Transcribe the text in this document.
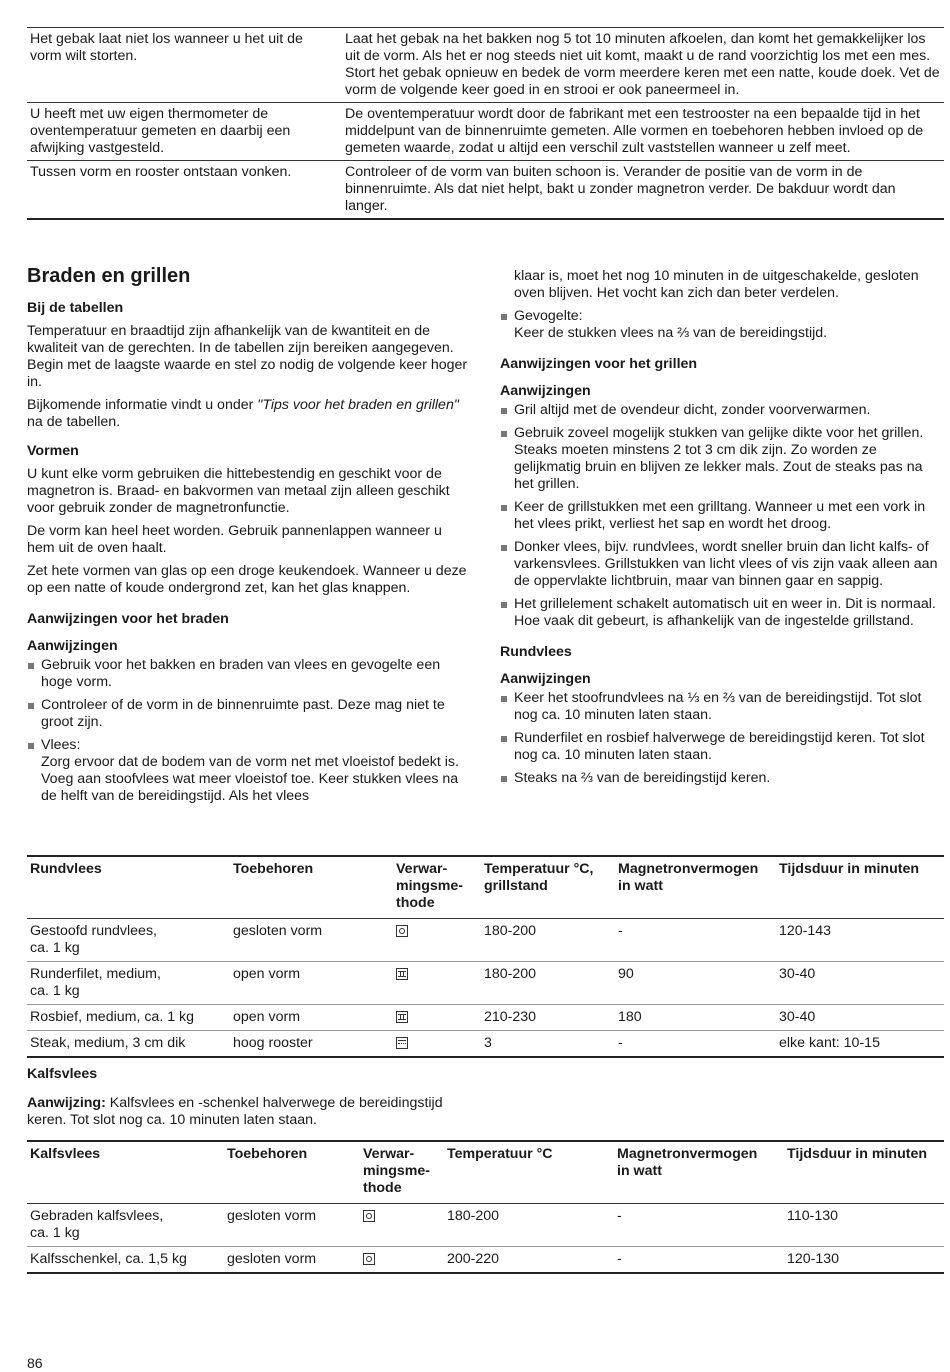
Het gebak laat niet los wanneer u het uit de vorm wilt storten.	Laat het gebak na het bakken nog 5 tot 10 minuten afkoelen, dan komt het gemakkelijker los uit de vorm. Als het er nog steeds niet uit komt, maakt u de rand voorzichtig los met een mes. Stort het gebak opnieuw en bedek de vorm meerdere keren met een natte, koude doek. Vet de vorm de volgende keer goed in en strooi er ook paneermeel in.
U heeft met uw eigen thermometer de oventemperatuur gemeten en daarbij een afwijking vastgesteld.	De oventemperatuur wordt door de fabrikant met een testrooster na een bepaalde tijd in het middelpunt van de binnenruimte gemeten. Alle vormen en toebehoren hebben invloed op de gemeten waarde, zodat u altijd een verschil zult vaststellen wanneer u zelf meet.
Tussen vorm en rooster ontstaan vonken.	Controleer of de vorm van buiten schoon is. Verander de positie van de vorm in de binnenruimte. Als dat niet helpt, bakt u zonder magnetron verder. De bakduur wordt dan langer.
Braden en grillen
Bij de tabellen

Temperatuur en braadtijd zijn afhankelijk van de kwantiteit en de kwaliteit van de gerechten. In de tabellen zijn bereiken aangegeven. Begin met de laagste waarde en stel zo nodig de volgende keer hoger in.

Bijkomende informatie vindt u onder "Tips voor het braden en grillen" na de tabellen.

Vormen

U kunt elke vorm gebruiken die hittebestendig en geschikt voor de magnetron is. Braad- en bakvormen van metaal zijn alleen geschikt voor gebruik zonder de magnetronfunctie.

De vorm kan heel heet worden. Gebruik pannenlappen wanneer u hem uit de oven haalt.

Zet hete vormen van glas op een droge keukendoek. Wanneer u deze op een natte of koude ondergrond zet, kan het glas knappen.

Aanwijzingen voor het braden
Aanwijzingen
Gebruik voor het bakken en braden van vlees en gevogelte een hoge vorm.
Controleer of de vorm in de binnenruimte past. Deze mag niet te groot zijn.
Vlees:
Zorg ervoor dat de bodem van de vorm net met vloeistof bedekt is. Voeg aan stoofvlees wat meer vloeistof toe. Keer stukken vlees na de helft van de bereidingstijd. Als het vlees

klaar is, moet het nog 10 minuten in de uitgeschakelde, gesloten oven blijven. Het vocht kan zich dan beter verdelen.

Gevogelte:
Keer de stukken vlees na ⅔ van de bereidingstijd.
Aanwijzingen voor het grillen
Aanwijzingen
Gril altijd met de ovendeur dicht, zonder voorverwarmen.
Gebruik zoveel mogelijk stukken van gelijke dikte voor het grillen. Steaks moeten minstens 2 tot 3 cm dik zijn. Zo worden ze gelijkmatig bruin en blijven ze lekker mals. Zout de steaks pas na het grillen.
Keer de grillstukken met een grilltang. Wanneer u met een vork in het vlees prikt, verliest het sap en wordt het droog.
Donker vlees, bijv. rundvlees, wordt sneller bruin dan licht kalfs- of varkensvlees. Grillstukken van licht vlees of vis zijn vaak alleen aan de oppervlakte lichtbruin, maar van binnen gaar en sappig.
Het grillelement schakelt automatisch uit en weer in. Dit is normaal. Hoe vaak dit gebeurt, is afhankelijk van de ingestelde grillstand.
Rundvlees
Aanwijzingen
Keer het stoofrundvlees na ⅓ en ⅔ van de bereidingstijd. Tot slot nog ca. 10 minuten laten staan.
Runderfilet en rosbief halverwege de bereidingstijd keren. Tot slot nog ca. 10 minuten laten staan.
Steaks na ⅔ van de bereidingstijd keren.
Rundvlees	Toebehoren	Verwar-
mingsme-
thode	Temperatuur °C,
grillstand	Magnetronvermogen
in watt	Tijdsduur in minuten
Gestoofd rundvlees,
ca. 1 kg	gesloten vorm		180-200	-	120-143
Runderfilet, medium,
ca. 1 kg	open vorm		180-200	90	30-40
Rosbief, medium, ca. 1 kg	open vorm		210-230	180	30-40
Steak, medium, 3 cm dik	hoog rooster		3	-	elke kant: 10-15
Kalfsvlees

Aanwijzing: Kalfsvlees en -schenkel halverwege de bereidingstijd keren. Tot slot nog ca. 10 minuten laten staan.

Kalfsvlees	Toebehoren	Verwar-
mingsme-
thode	Temperatuur °C	Magnetronvermogen
in watt	Tijdsduur in minuten
Gebraden kalfsvlees,
ca. 1 kg	gesloten vorm		180-200	-	110-130
Kalfsschenkel, ca. 1,5 kg	gesloten vorm		200-220	-	120-130
86
